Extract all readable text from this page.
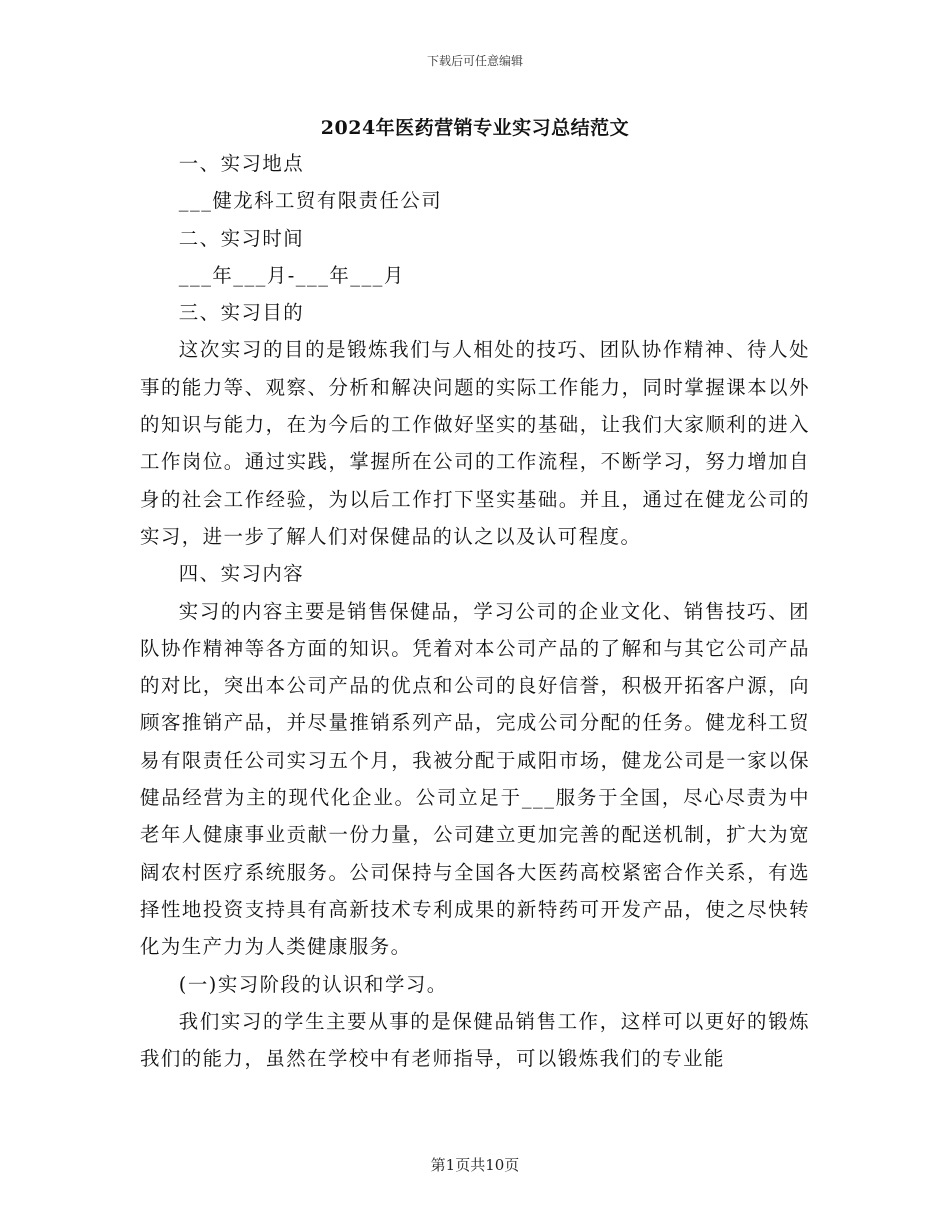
下载后可任意编辑
2024年医药营销专业实习总结范文

一、实习地点

___健龙科工贸有限责任公司

二、实习时间

___年___月-___年___月

三、实习目的

这次实习的目的是锻炼我们与人相处的技巧、团队协作精神、待人处事的能力等、观察、分析和解决问题的实际工作能力，同时掌握课本以外的知识与能力，在为今后的工作做好坚实的基础，让我们大家顺利的进入工作岗位。通过实践，掌握所在公司的工作流程，不断学习，努力增加自身的社会工作经验，为以后工作打下坚实基础。并且，通过在健龙公司的实习，进一步了解人们对保健品的认之以及认可程度。

四、实习内容

实习的内容主要是销售保健品，学习公司的企业文化、销售技巧、团队协作精神等各方面的知识。凭着对本公司产品的了解和与其它公司产品的对比，突出本公司产品的优点和公司的良好信誉，积极开拓客户源，向顾客推销产品，并尽量推销系列产品，完成公司分配的任务。健龙科工贸易有限责任公司实习五个月，我被分配于咸阳市场，健龙公司是一家以保健品经营为主的现代化企业。公司立足于___服务于全国，尽心尽责为中老年人健康事业贡献一份力量，公司建立更加完善的配送机制，扩大为宽阔农村医疗系统服务。公司保持与全国各大医药高校紧密合作关系，有选择性地投资支持具有高新技术专利成果的新特药可开发产品，使之尽快转化为生产力为人类健康服务。

(一)实习阶段的认识和学习。

我们实习的学生主要从事的是保健品销售工作，这样可以更好的锻炼我们的能力，虽然在学校中有老师指导，可以锻炼我们的专业能

第1页共10页
